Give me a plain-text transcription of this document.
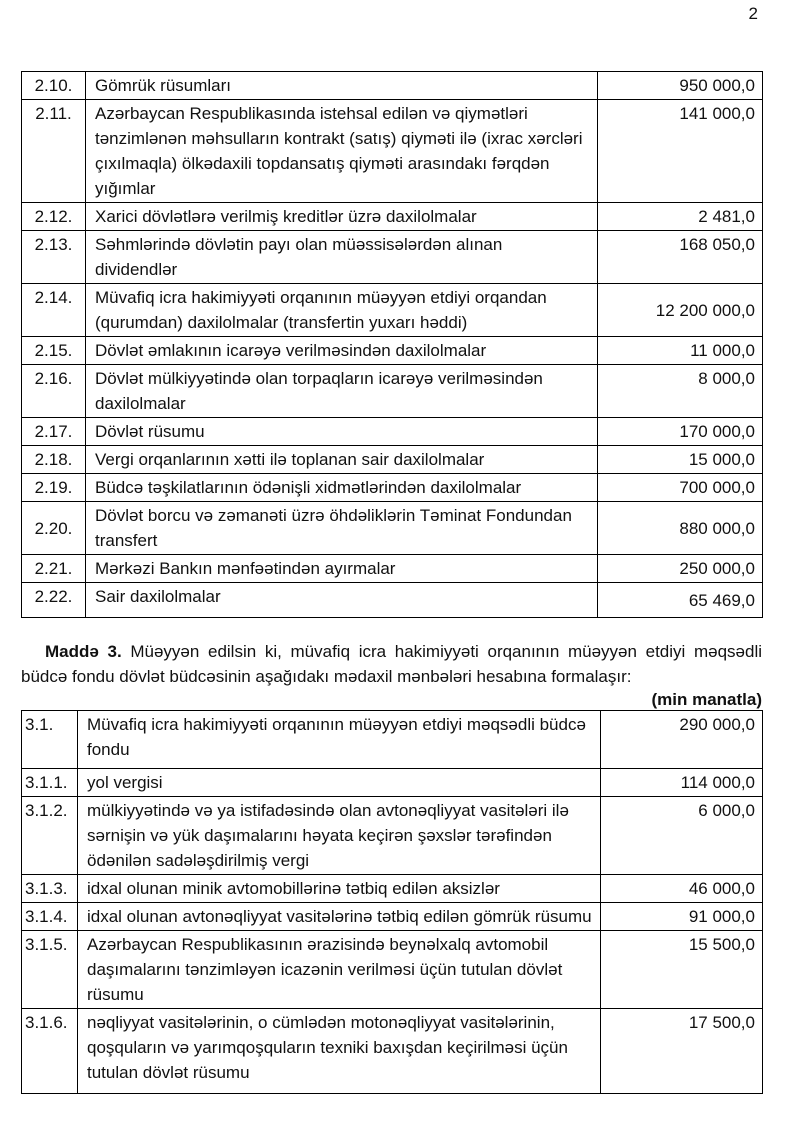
2
2.10.	Gömrük rüsumları	950 000,0
2.11.	Azərbaycan Respublikasında istehsal edilən və qiymətləri tənzimlənən məhsulların kontrakt (satış) qiyməti ilə (ixrac xərcləri çıxılmaqla) ölkədaxili topdansatış qiyməti arasındakı fərqdən yığımlar	141 000,0
2.12.	Xarici dövlətlərə verilmiş kreditlər üzrə daxilolmalar	2 481,0
2.13.	Səhmlərində dövlətin payı olan müəssisələrdən alınan dividendlər	168 050,0
2.14.	Müvafiq icra hakimiyyəti orqanının müəyyən etdiyi orqandan (qurumdan) daxilolmalar (transfertin yuxarı həddi)	12 200 000,0
2.15.	Dövlət əmlakının icarəyə verilməsindən daxilolmalar	11 000,0
2.16.	Dövlət mülkiyyətində olan torpaqların icarəyə verilməsindən daxilolmalar	8 000,0
2.17.	Dövlət rüsumu	170 000,0
2.18.	Vergi orqanlarının xətti ilə toplanan sair daxilolmalar	15 000,0
2.19.	Büdcə təşkilatlarının ödənişli xidmətlərindən daxilolmalar	700 000,0
2.20.	Dövlət borcu və zəmanəti üzrə öhdəliklərin Təminat Fondundan transfert	880 000,0
2.21.	Mərkəzi Bankın mənfəətindən ayırmalar	250 000,0
2.22.	Sair daxilolmalar	65 469,0

Maddə 3. Müəyyən edilsin ki, müvafiq icra hakimiyyəti orqanının müəyyən etdiyi məqsədli büdcə fondu dövlət büdcəsinin aşağıdakı mədaxil mənbələri hesabına formalaşır:

(min manatla)
3.1.	Müvafiq icra hakimiyyəti orqanının müəyyən etdiyi məqsədli büdcə fondu	290 000,0
3.1.1.	yol vergisi	114 000,0
3.1.2.	mülkiyyətində və ya istifadəsində olan avtonəqliyyat vasitələri ilə sərnişin və yük daşımalarını həyata keçirən şəxslər tərəfindən ödənilən sadələşdirilmiş vergi	6 000,0
3.1.3.	idxal olunan minik avtomobillərinə tətbiq edilən aksizlər	46 000,0
3.1.4.	idxal olunan avtonəqliyyat vasitələrinə tətbiq edilən gömrük rüsumu	91 000,0
3.1.5.	Azərbaycan Respublikasının ərazisində beynəlxalq avtomobil daşımalarını tənzimləyən icazənin verilməsi üçün tutulan dövlət rüsumu	15 500,0
3.1.6.	nəqliyyat vasitələrinin, o cümlədən motonəqliyyat vasitələrinin, qoşquların və yarımqoşquların texniki baxışdan keçirilməsi üçün tutulan dövlət rüsumu	17 500,0
